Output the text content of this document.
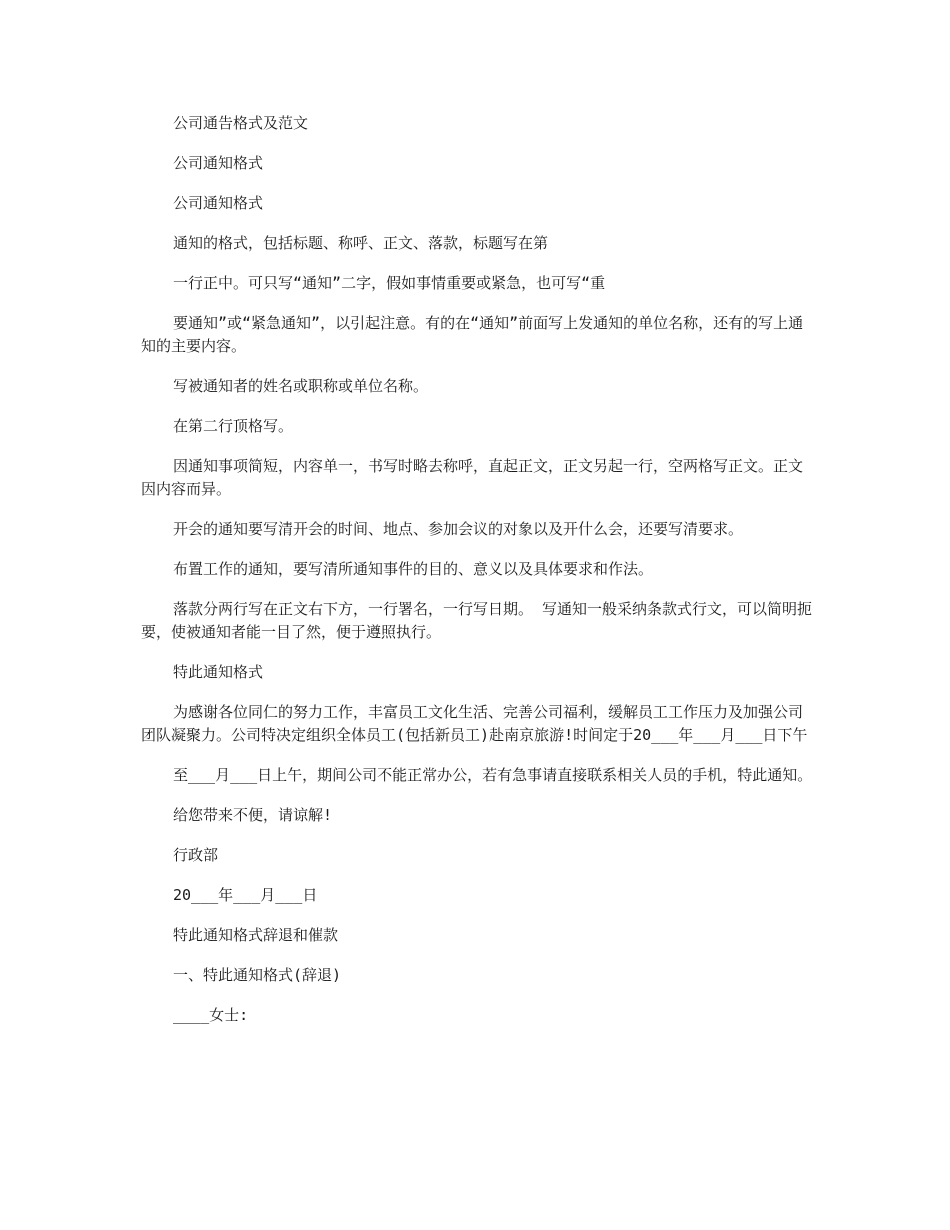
公司通告格式及范文

公司通知格式

公司通知格式

通知的格式，包括标题、称呼、正文、落款，标题写在第

一行正中。可只写“通知”二字，假如事情重要或紧急，也可写“重

要通知”或“紧急通知”，以引起注意。有的在“通知”前面写上发通知的单位名称，还有的写上通知的主要内容。

写被通知者的姓名或职称或单位名称。

在第二行顶格写。

因通知事项简短，内容单一，书写时略去称呼，直起正文，正文另起一行，空两格写正文。正文因内容而异。

开会的通知要写清开会的时间、地点、参加会议的对象以及开什么会，还要写清要求。

布置工作的通知，要写清所通知事件的目的、意义以及具体要求和作法。

落款分两行写在正文右下方，一行署名，一行写日期。 写通知一般采纳条款式行文，可以简明扼要，使被通知者能一目了然，便于遵照执行。

特此通知格式

为感谢各位同仁的努力工作，丰富员工文化生活、完善公司福利，缓解员工工作压力及加强公司团队凝聚力。公司特决定组织全体员工(包括新员工)赴南京旅游!时间定于20___年___月___日下午

至___月___日上午，期间公司不能正常办公，若有急事请直接联系相关人员的手机，特此通知。

给您带来不便，请谅解!

行政部

20___年___月___日

特此通知格式辞退和催款

一、特此通知格式(辞退)

____女士:
